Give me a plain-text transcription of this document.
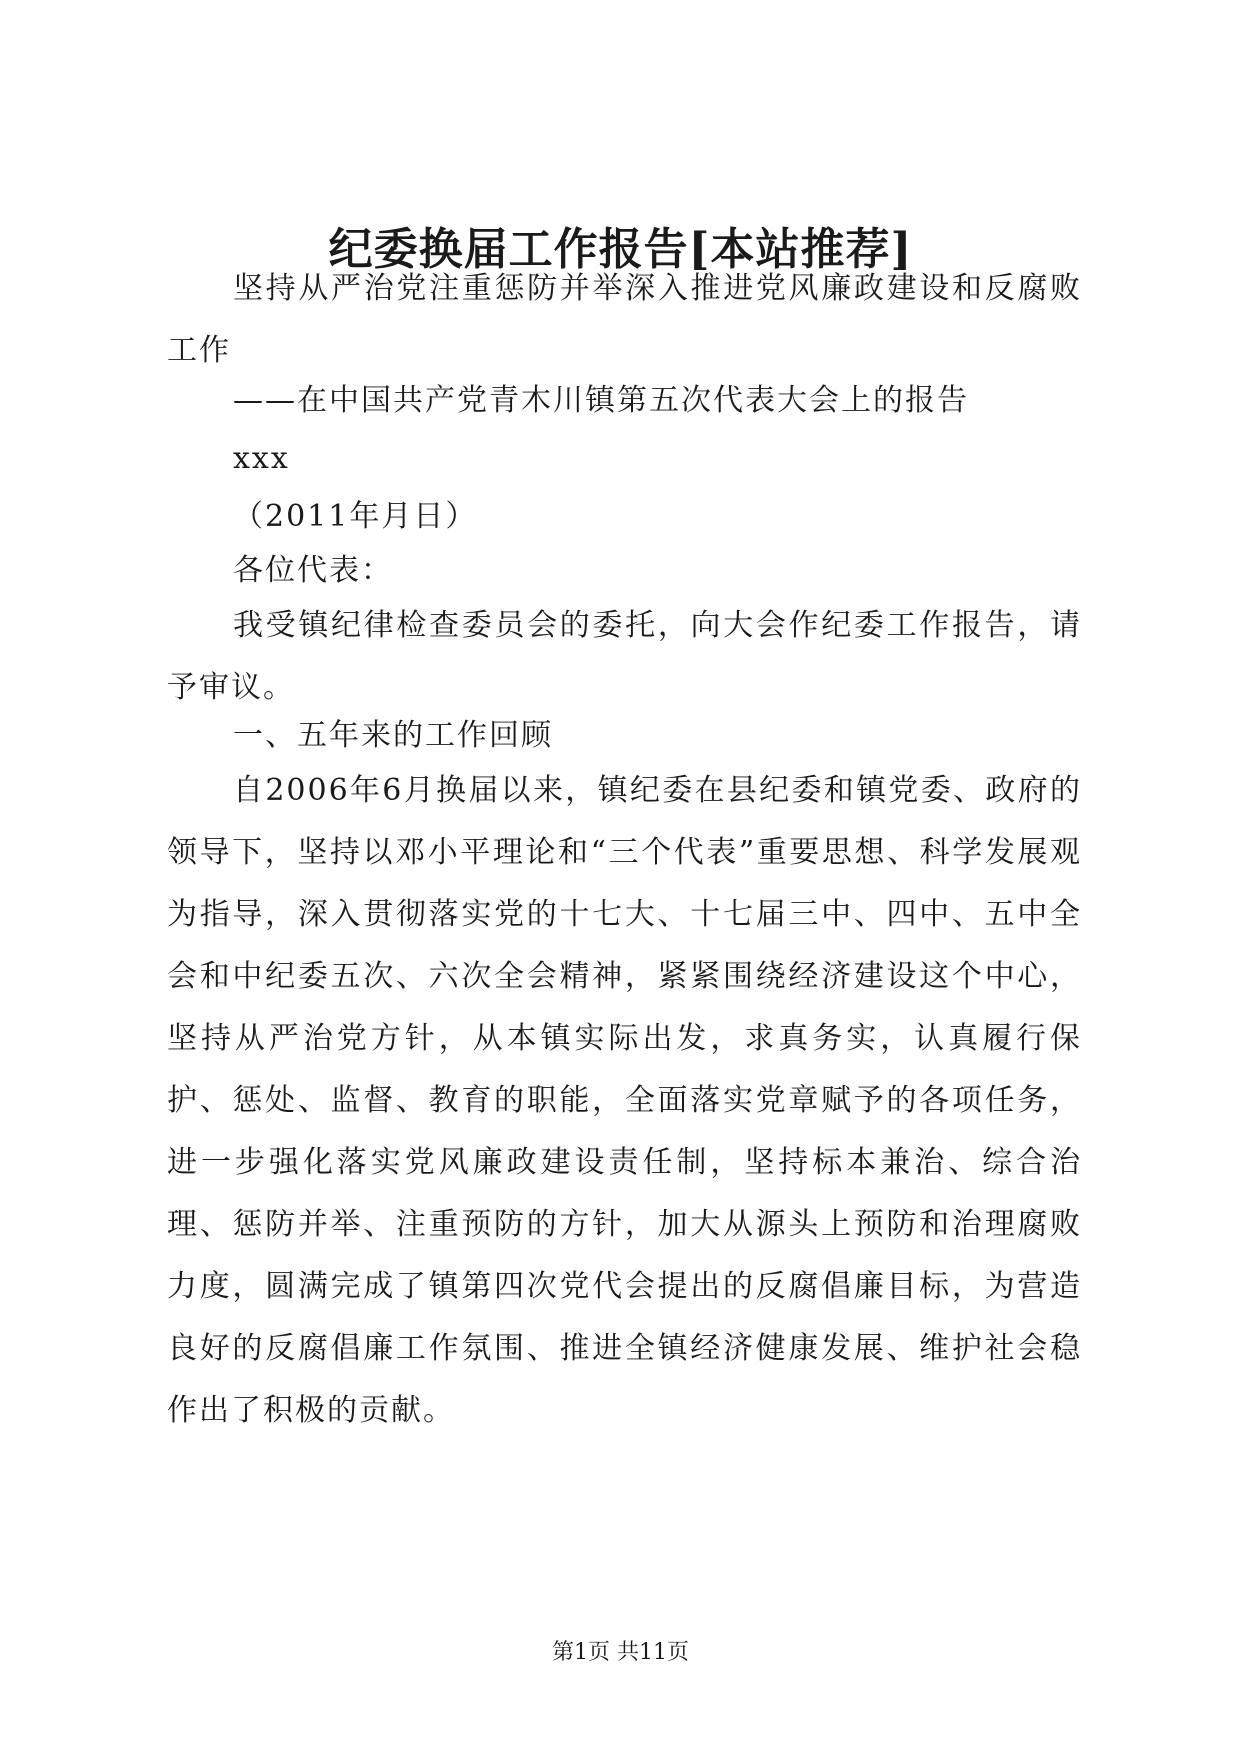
纪委换届工作报告[本站推荐]
坚持从严治党注重惩防并举深入推进党风廉政建设和反腐败工作
——在中国共产党青木川镇第五次代表大会上的报告
xxx
（2011年月日）
各位代表：
我受镇纪律检查委员会的委托，向大会作纪委工作报告，请予审议。
一、五年来的工作回顾
自2006年6月换届以来，镇纪委在县纪委和镇党委、政府的领导下，坚持以邓小平理论和“三个代表”重要思想、科学发展观为指导，深入贯彻落实党的十七大、十七届三中、四中、五中全会和中纪委五次、六次全会精神，紧紧围绕经济建设这个中心，坚持从严治党方针，从本镇实际出发，求真务实，认真履行保护、惩处、监督、教育的职能，全面落实党章赋予的各项任务，进一步强化落实党风廉政建设责任制，坚持标本兼治、综合治理、惩防并举、注重预防的方针，加大从源头上预防和治理腐败力度，圆满完成了镇第四次党代会提出的反腐倡廉目标，为营造良好的反腐倡廉工作氛围、推进全镇经济健康发展、维护社会稳作出了积极的贡献。
第1页 共11页
